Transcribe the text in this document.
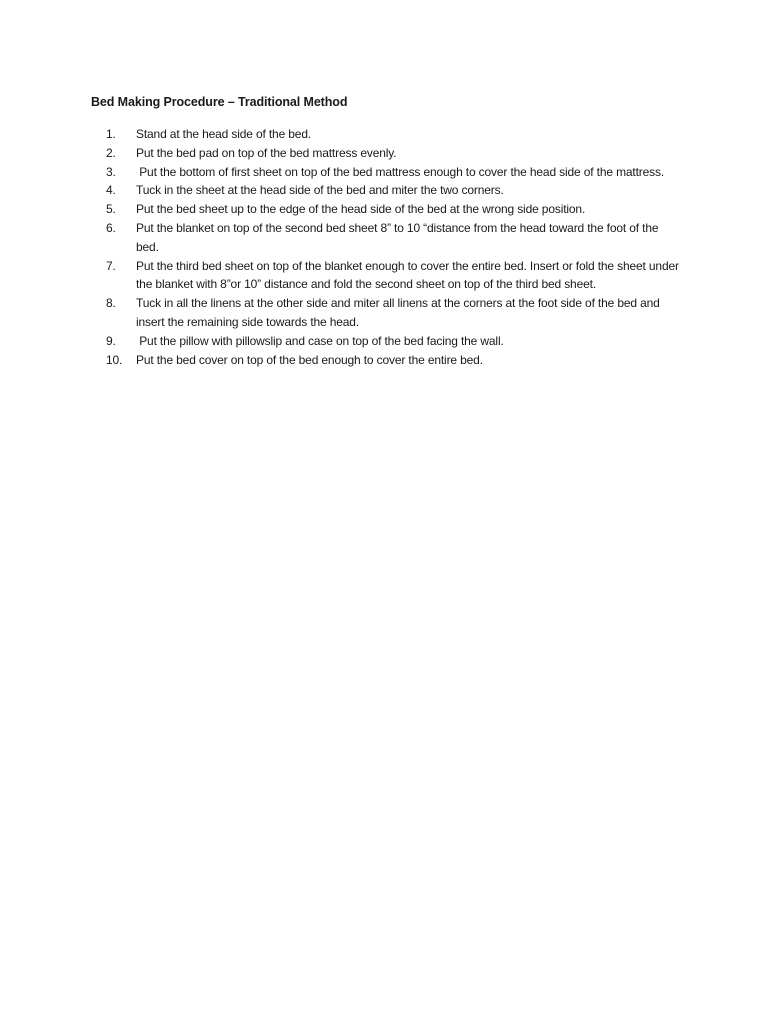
Bed Making Procedure – Traditional Method
1.	Stand at the head side of the bed.
2.	Put the bed pad on top of the bed mattress evenly.
3.	Put the bottom of first sheet on top of the bed mattress enough to cover the head side of the mattress.
4.	Tuck in the sheet at the head side of the bed and miter the two corners.
5.	Put the bed sheet up to the edge of the head side of the bed at the wrong side position.
6.	Put the blanket on top of the second bed sheet 8” to 10 “distance from the head toward the foot of the bed.
7.	Put the third bed sheet on top of the blanket enough to cover the entire bed. Insert or fold the sheet under the blanket with 8”or 10” distance and fold the second sheet on top of the third bed sheet.
8.	Tuck in all the linens at the other side and miter all linens at the corners at the foot side of the bed and insert the remaining side towards the head.
9.	Put the pillow with pillowslip and case on top of the bed facing the wall.
10.	Put the bed cover on top of the bed enough to cover the entire bed.
